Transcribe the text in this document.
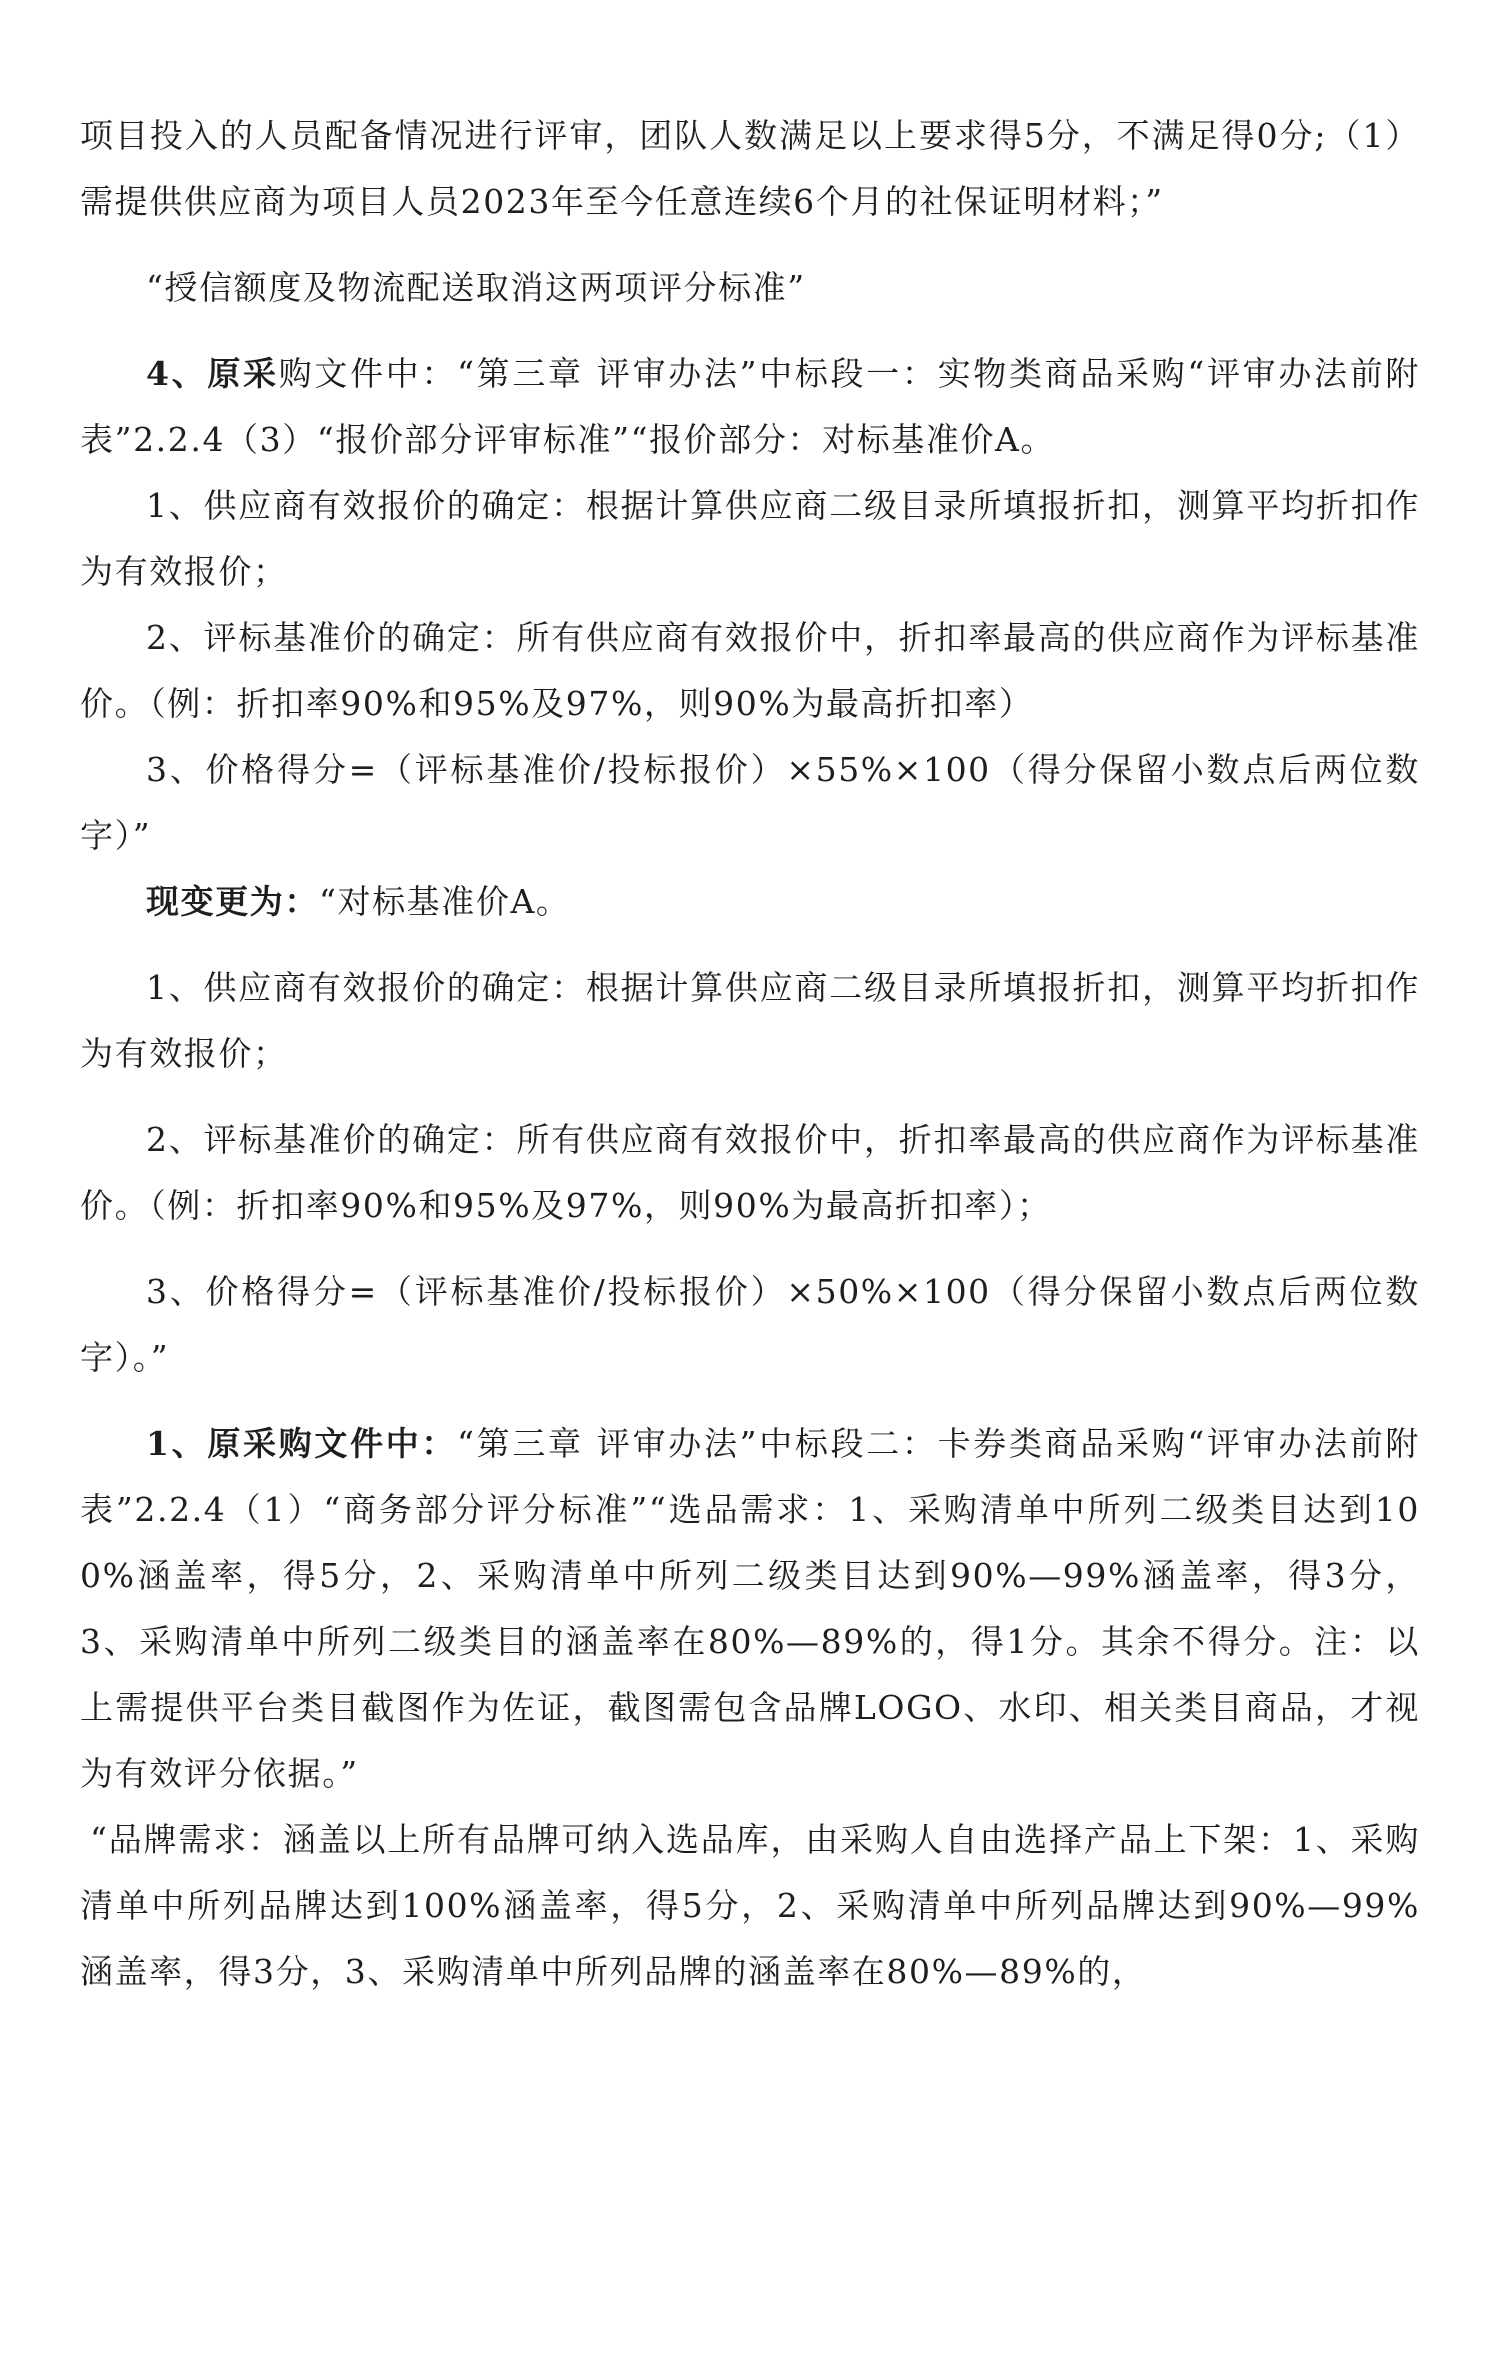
项目投入的人员配备情况进行评审，团队人数满足以上要求得5分，不满足得0分;（1）需提供供应商为项目人员2023年至今任意连续6个月的社保证明材料；”

“授信额度及物流配送取消这两项评分标准”

4、原采购文件中：“第三章 评审办法”中标段一：实物类商品采购“评审办法前附表”2.2.4（3）“报价部分评审标准”“报价部分：对标基准价A。

1、供应商有效报价的确定：根据计算供应商二级目录所填报折扣，测算平均折扣作为有效报价；

2、评标基准价的确定：所有供应商有效报价中，折扣率最高的供应商作为评标基准价。（例：折扣率90%和95%及97%，则90%为最高折扣率）

3、价格得分=（评标基准价/投标报价）×55%×100（得分保留小数点后两位数字）”

现变更为：“对标基准价A。

1、供应商有效报价的确定：根据计算供应商二级目录所填报折扣，测算平均折扣作为有效报价；

2、评标基准价的确定：所有供应商有效报价中，折扣率最高的供应商作为评标基准价。（例：折扣率90%和95%及97%，则90%为最高折扣率）；

3、价格得分=（评标基准价/投标报价）×50%×100（得分保留小数点后两位数字）。”

1、原采购文件中：“第三章 评审办法”中标段二：卡券类商品采购“评审办法前附表”2.2.4（1）“商务部分评分标准”“选品需求：1、采购清单中所列二级类目达到100%涵盖率，得5分，2、采购清单中所列二级类目达到90%—99%涵盖率，得3分，3、采购清单中所列二级类目的涵盖率在80%—89%的，得1分。其余不得分。注：以上需提供平台类目截图作为佐证，截图需包含品牌LOGO、水印、相关类目商品，才视为有效评分依据。”

“品牌需求：涵盖以上所有品牌可纳入选品库，由采购人自由选择产品上下架：1、采购清单中所列品牌达到100%涵盖率，得5分，2、采购清单中所列品牌达到90%—99%涵盖率，得3分，3、采购清单中所列品牌的涵盖率在80%—89%的，
